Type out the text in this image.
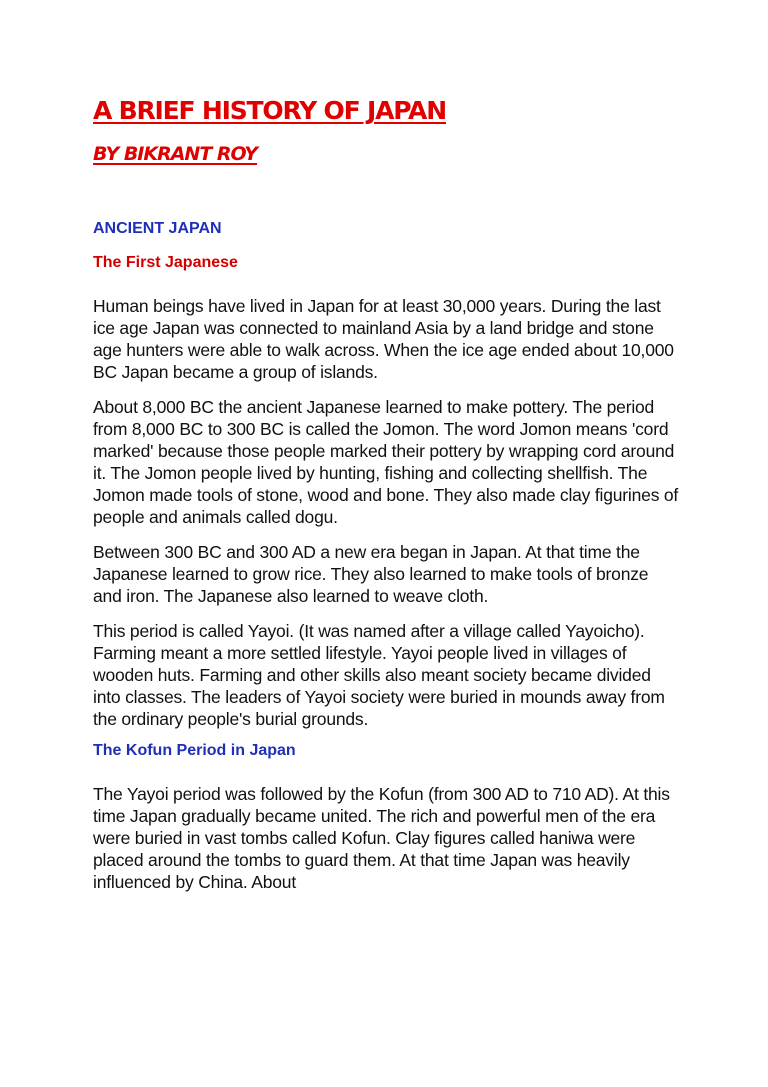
A BRIEF HISTORY OF JAPAN

BY BIKRANT ROY

ANCIENT JAPAN

The First Japanese

Human beings have lived in Japan for at least 30,000 years. During the last ice age Japan was connected to mainland Asia by a land bridge and stone age hunters were able to walk across. When the ice age ended about 10,000 BC Japan became a group of islands.

About 8,000 BC the ancient Japanese learned to make pottery. The period from 8,000 BC to 300 BC is called the Jomon. The word Jomon means 'cord marked' because those people marked their pottery by wrapping cord around it. The Jomon people lived by hunting, fishing and collecting shellfish. The Jomon made tools of stone, wood and bone. They also made clay figurines of people and animals called dogu.

Between 300 BC and 300 AD a new era began in Japan. At that time the Japanese learned to grow rice. They also learned to make tools of bronze and iron. The Japanese also learned to weave cloth.

This period is called Yayoi. (It was named after a village called Yayoicho). Farming meant a more settled lifestyle. Yayoi people lived in villages of wooden huts. Farming and other skills also meant society became divided into classes. The leaders of Yayoi society were buried in mounds away from the ordinary people's burial grounds.

The Kofun Period in Japan

The Yayoi period was followed by the Kofun (from 300 AD to 710 AD). At this time Japan gradually became united. The rich and powerful men of the era were buried in vast tombs called Kofun. Clay figures called haniwa were placed around the tombs to guard them. At that time Japan was heavily influenced by China. About
